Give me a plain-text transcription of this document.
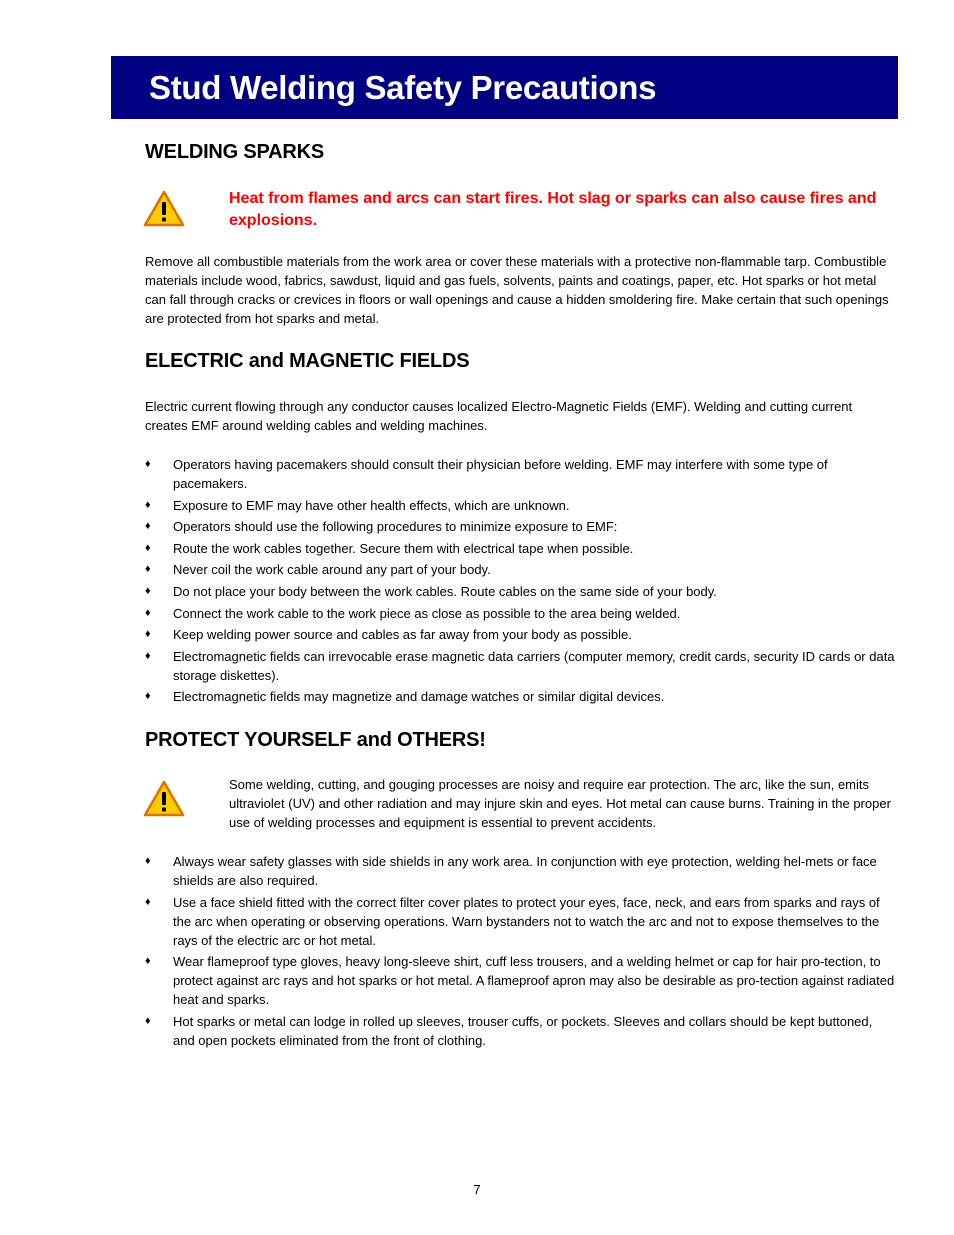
Stud Welding Safety Precautions
WELDING SPARKS

Heat from flames and arcs can start fires. Hot slag or sparks can also cause fires and explosions.

Remove all combustible materials from the work area or cover these materials with a protective non-flammable tarp. Combustible materials include wood, fabrics, sawdust, liquid and gas fuels, solvents, paints and coatings, paper, etc. Hot sparks or hot metal can fall through cracks or crevices in floors or wall openings and cause a hidden smoldering fire. Make certain that such openings are protected from hot sparks and metal.

ELECTRIC and MAGNETIC FIELDS

Electric current flowing through any conductor causes localized Electro-Magnetic Fields (EMF). Welding and cutting current creates EMF around welding cables and welding machines.

♦	Operators having pacemakers should consult their physician before welding. EMF may interfere with some type of pacemakers.
♦	Exposure to EMF may have other health effects, which are unknown.
♦	Operators should use the following procedures to minimize exposure to EMF:
♦	Route the work cables together. Secure them with electrical tape when possible.
♦	Never coil the work cable around any part of your body.
♦	Do not place your body between the work cables. Route cables on the same side of your body.
♦	Connect the work cable to the work piece as close as possible to the area being welded.
♦	Keep welding power source and cables as far away from your body as possible.
♦	Electromagnetic fields can irrevocable erase magnetic data carriers (computer memory, credit cards, security ID cards or data storage diskettes).
♦	Electromagnetic fields may magnetize and damage watches or similar digital devices.
PROTECT YOURSELF and OTHERS!

Some welding, cutting, and gouging processes are noisy and require ear protection. The arc, like the sun, emits ultraviolet (UV) and other radiation and may injure skin and eyes. Hot metal can cause burns. Training in the proper use of welding processes and equipment is essential to prevent accidents.

♦	Always wear safety glasses with side shields in any work area. In conjunction with eye protection, welding hel-mets or face shields are also required.
♦	Use a face shield fitted with the correct filter cover plates to protect your eyes, face, neck, and ears from sparks and rays of the arc when operating or observing operations. Warn bystanders not to watch the arc and not to expose themselves to the rays of the electric arc or hot metal.
♦	Wear flameproof type gloves, heavy long-sleeve shirt, cuff less trousers, and a welding helmet or cap for hair pro-tection, to protect against arc rays and hot sparks or hot metal. A flameproof apron may also be desirable as pro-tection against radiated heat and sparks.
♦	Hot sparks or metal can lodge in rolled up sleeves, trouser cuffs, or pockets. Sleeves and collars should be kept buttoned, and open pockets eliminated from the front of clothing.
7
